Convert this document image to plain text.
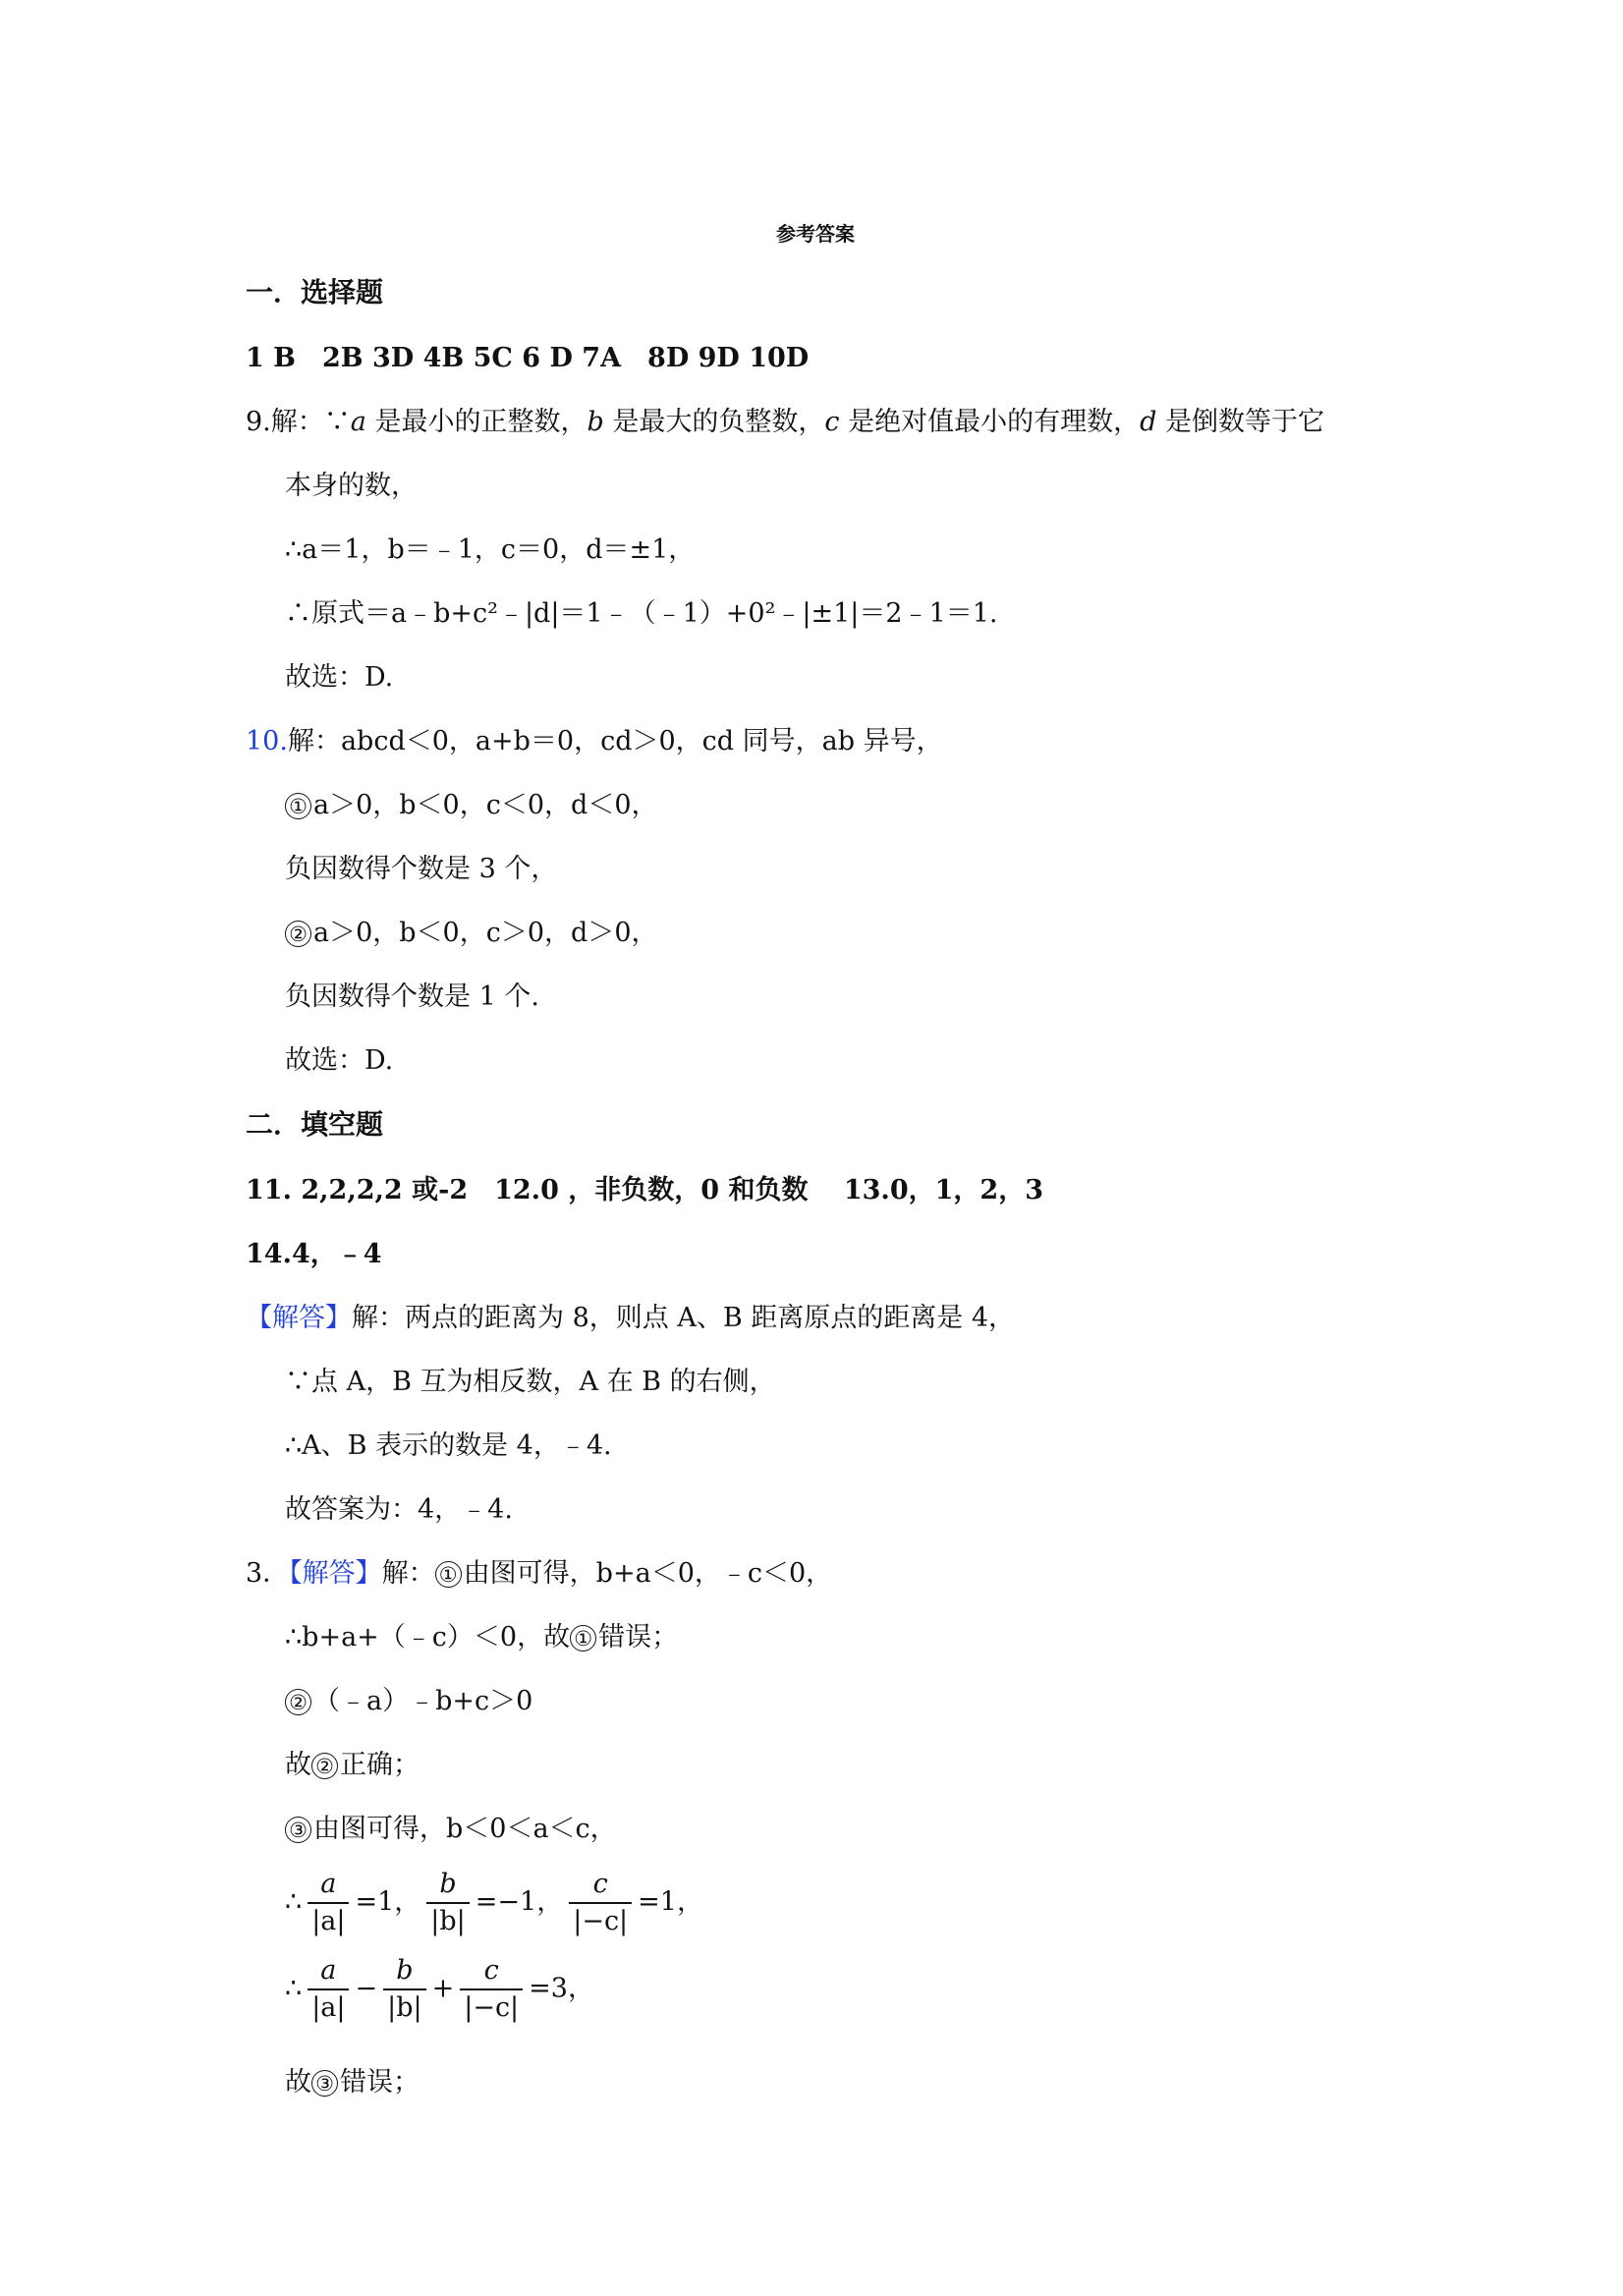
参考答案
一．选择题
1 B　2B 3D 4B 5C 6 D 7A　8D 9D 10D
9.解：∵a 是最小的正整数，b 是最大的负整数，c 是绝对值最小的有理数，d 是倒数等于它
本身的数，
∴a＝1，b＝﹣1，c＝0，d＝±1，
∴原式＝a﹣b+c²﹣|d|＝1﹣（﹣1）+0²﹣|±1|＝2﹣1＝1.
故选：D.
10.解：abcd＜0，a+b＝0，cd＞0，cd 同号，ab 异号，
① a＞0，b＜0，c＜0，d＜0，
负因数得个数是 3 个，
② a＞0，b＜0，c＞0，d＞0，
负因数得个数是 1 个.
故选：D.
二．填空题
11. 2,2,2,2 或-2　12.0 ，非负数，0 和负数　 13.0，1，2，3
14.4，﹣4
【解答】解：两点的距离为 8，则点 A、B 距离原点的距离是 4，
∵点 A，B 互为相反数，A 在 B 的右侧，
∴A、B 表示的数是 4，﹣4.
故答案为：4，﹣4.
3．【解答】解： ① 由图可得，b+a＜0，﹣c＜0，
∴b+a+（﹣c）＜0，故 ① 错误；
② （﹣a）﹣b+c＞0
故 ② 正确；
③ 由图可得，b＜0＜a＜c，
∴ $\frac{a}{|a|} =1$， $\frac{b}{|b|} =-1$， $\frac{c}{|-c|} =1$，
∴ $\frac{a}{|a|} - \frac{b}{|b|} + \frac{c}{|-c|} =3$，
故 ③ 错误；
